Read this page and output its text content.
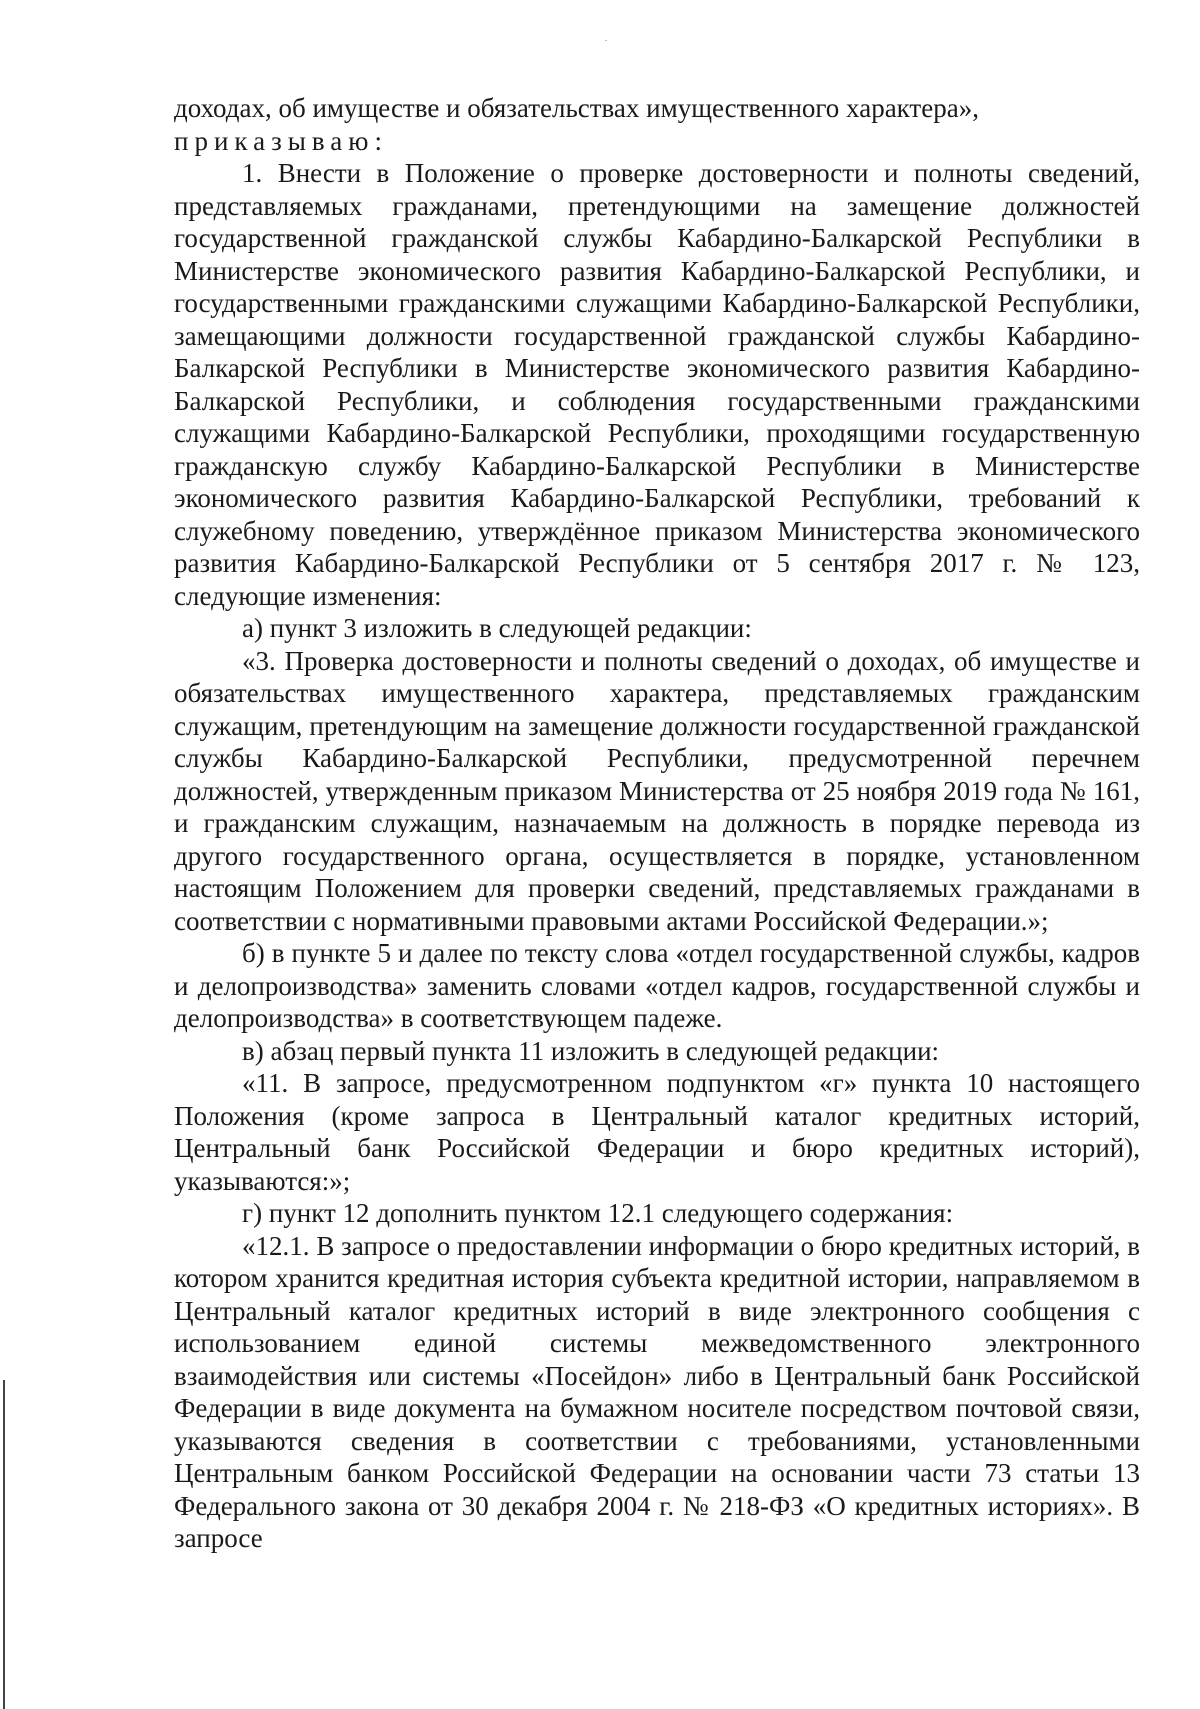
доходах, об имуществе и обязательствах имущественного характера»,
приказываю:

1. Внести в Положение о проверке достоверности и полноты сведений, представляемых гражданами, претендующими на замещение должностей государственной гражданской службы Кабардино-Балкарской Республики в Министерстве экономического развития Кабардино-Балкарской Республики, и государственными гражданскими служащими Кабардино-Балкарской Республики, замещающими должности государственной гражданской службы Кабардино-Балкарской Республики в Министерстве экономического развития Кабардино-Балкарской Республики, и соблюдения государственными гражданскими служащими Кабардино-Балкарской Республики, проходящими государственную гражданскую службу Кабардино-Балкарской Республики в Министерстве экономического развития Кабардино-Балкарской Республики, требований к служебному поведению, утверждённое приказом Министерства экономического развития Кабардино-Балкарской Республики от 5 сентября 2017 г. № 123, следующие изменения:

а) пункт 3 изложить в следующей редакции:

«3. Проверка достоверности и полноты сведений о доходах, об имуществе и обязательствах имущественного характера, представляемых гражданским служащим, претендующим на замещение должности государственной гражданской службы Кабардино-Балкарской Республики, предусмотренной перечнем должностей, утвержденным приказом Министерства от 25 ноября 2019 года № 161, и гражданским служащим, назначаемым на должность в порядке перевода из другого государственного органа, осуществляется в порядке, установленном настоящим Положением для проверки сведений, представляемых гражданами в соответствии с нормативными правовыми актами Российской Федерации.»;

б) в пункте 5 и далее по тексту слова «отдел государственной службы, кадров и делопроизводства» заменить словами «отдел кадров, государственной службы и делопроизводства» в соответствующем падеже.

в) абзац первый пункта 11 изложить в следующей редакции:

«11. В запросе, предусмотренном подпунктом «г» пункта 10 настоящего Положения (кроме запроса в Центральный каталог кредитных историй, Центральный банк Российской Федерации и бюро кредитных историй), указываются:»;

г) пункт 12 дополнить пунктом 12.1 следующего содержания:

«12.1. В запросе о предоставлении информации о бюро кредитных историй, в котором хранится кредитная история субъекта кредитной истории, направляемом в Центральный каталог кредитных историй в виде электронного сообщения с использованием единой системы межведомственного электронного взаимодействия или системы «Посейдон» либо в Центральный банк Российской Федерации в виде документа на бумажном носителе посредством почтовой связи, указываются сведения в соответствии с требованиями, установленными Центральным банком Российской Федерации на основании части 73 статьи 13 Федерального закона от 30 декабря 2004 г. № 218-ФЗ «О кредитных историях». В запросе
